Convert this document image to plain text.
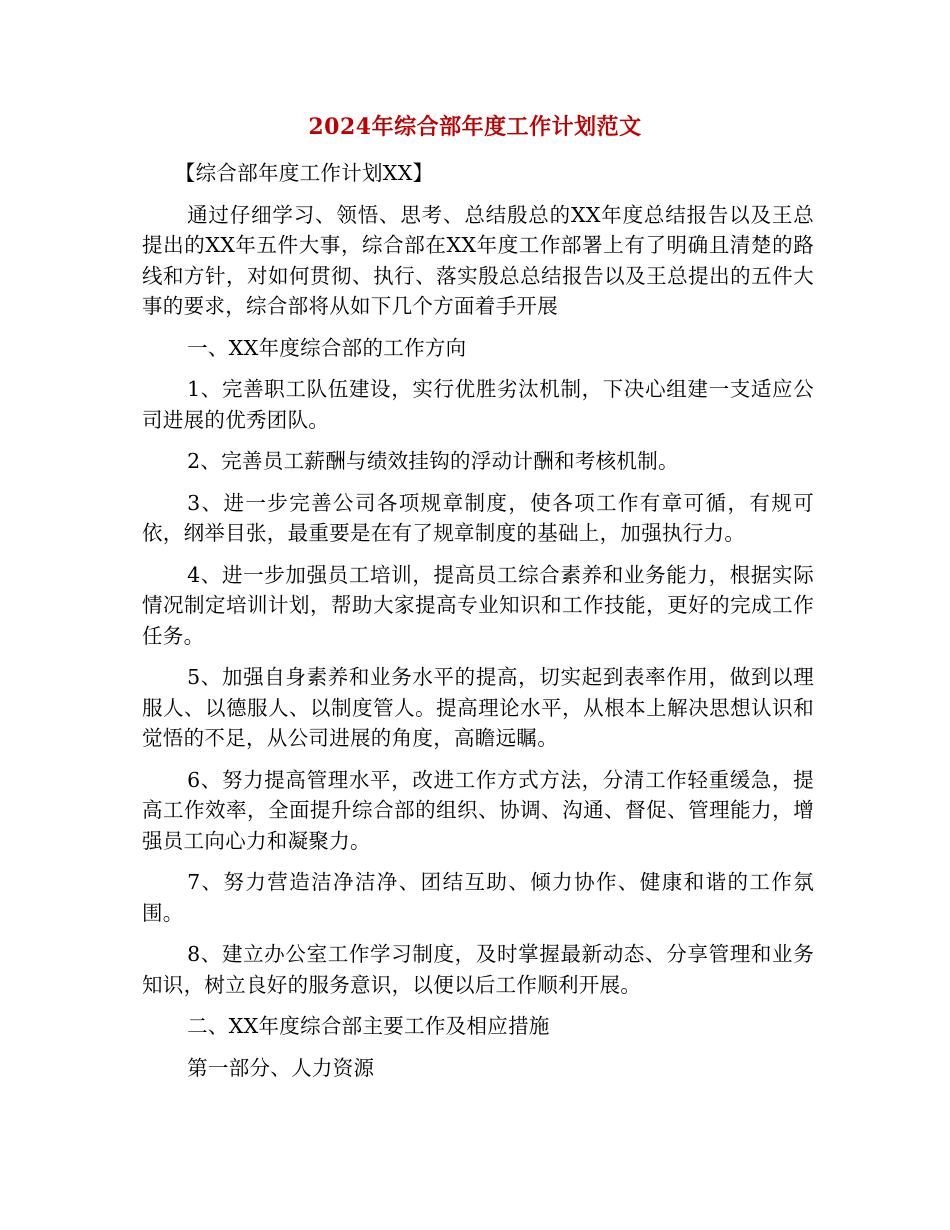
2024年综合部年度工作计划范文

【综合部年度工作计划XX】

通过仔细学习、领悟、思考、总结殷总的XX年度总结报告以及王总提出的XX年五件大事，综合部在XX年度工作部署上有了明确且清楚的路线和方针，对如何贯彻、执行、落实殷总总结报告以及王总提出的五件大事的要求，综合部将从如下几个方面着手开展

一、XX年度综合部的工作方向

1、完善职工队伍建设，实行优胜劣汰机制，下决心组建一支适应公司进展的优秀团队。

2、完善员工薪酬与绩效挂钩的浮动计酬和考核机制。

3、进一步完善公司各项规章制度，使各项工作有章可循，有规可依，纲举目张，最重要是在有了规章制度的基础上，加强执行力。

4、进一步加强员工培训，提高员工综合素养和业务能力，根据实际情况制定培训计划，帮助大家提高专业知识和工作技能，更好的完成工作任务。

5、加强自身素养和业务水平的提高，切实起到表率作用，做到以理服人、以德服人、以制度管人。提高理论水平，从根本上解决思想认识和觉悟的不足，从公司进展的角度，高瞻远瞩。

6、努力提高管理水平，改进工作方式方法，分清工作轻重缓急，提高工作效率，全面提升综合部的组织、协调、沟通、督促、管理能力，增强员工向心力和凝聚力。

7、努力营造洁净洁净、团结互助、倾力协作、健康和谐的工作氛围。

8、建立办公室工作学习制度，及时掌握最新动态、分享管理和业务知识，树立良好的服务意识，以便以后工作顺利开展。

二、XX年度综合部主要工作及相应措施

第一部分、人力资源
